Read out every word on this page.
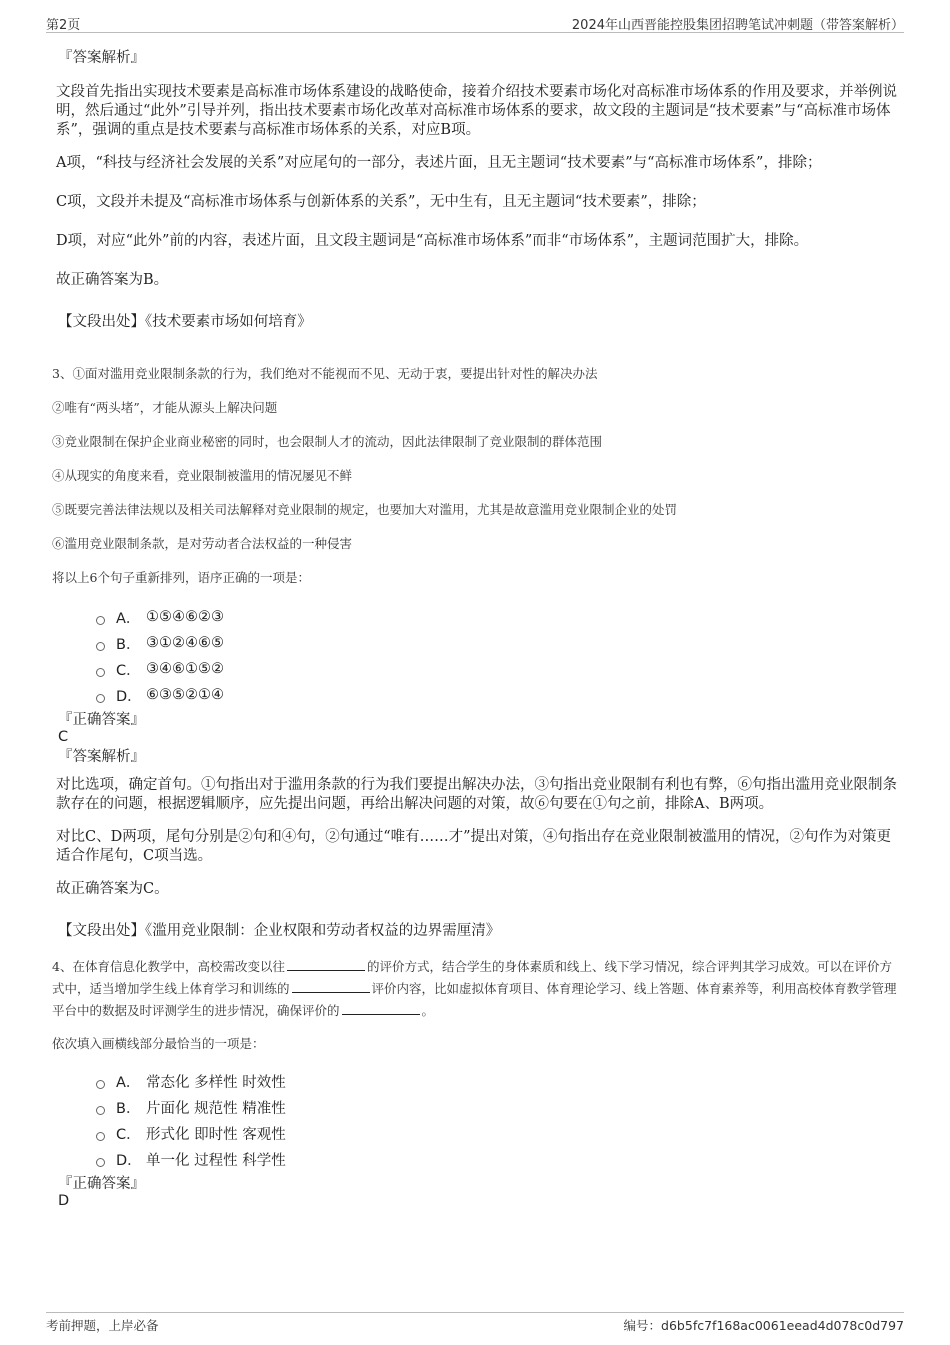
第2页	2024年山西晋能控股集团招聘笔试冲刺题（带答案解析）
『答案解析』

文段首先指出实现技术要素是高标准市场体系建设的战略使命，接着介绍技术要素市场化对高标准市场体系的作用及要求，并举例说明，然后通过“此外”引导并列，指出技术要素市场化改革对高标准市场体系的要求，故文段的主题词是“技术要素”与“高标准市场体系”，强调的重点是技术要素与高标准市场体系的关系，对应B项。

A项，“科技与经济社会发展的关系”对应尾句的一部分，表述片面，且无主题词“技术要素”与“高标准市场体系”，排除；

C项，文段并未提及“高标准市场体系与创新体系的关系”，无中生有，且无主题词“技术要素”，排除；

D项，对应“此外”前的内容，表述片面，且文段主题词是“高标准市场体系”而非“市场体系”，主题词范围扩大，排除。

故正确答案为B。

【文段出处】《技术要素市场如何培育》

3、①面对滥用竞业限制条款的行为，我们绝对不能视而不见、无动于衷，要提出针对性的解决办法

②唯有“两头堵”，才能从源头上解决问题

③竞业限制在保护企业商业秘密的同时，也会限制人才的流动，因此法律限制了竞业限制的群体范围

④从现实的角度来看，竞业限制被滥用的情况屡见不鲜

⑤既要完善法律法规以及相关司法解释对竞业限制的规定，也要加大对滥用，尤其是故意滥用竞业限制企业的处罚

⑥滥用竞业限制条款，是对劳动者合法权益的一种侵害

将以上6个句子重新排列，语序正确的一项是：

A． ①⑤④⑥②③
B． ③①②④⑥⑤
C． ③④⑥①⑤②
D． ⑥③⑤②①④
『正确答案』
C
『答案解析』

对比选项，确定首句。①句指出对于滥用条款的行为我们要提出解决办法，③句指出竞业限制有利也有弊，⑥句指出滥用竞业限制条款存在的问题，根据逻辑顺序，应先提出问题，再给出解决问题的对策，故⑥句要在①句之前，排除A、B两项。

对比C、D两项，尾句分别是②句和④句，②句通过“唯有……才”提出对策，④句指出存在竞业限制被滥用的情况，②句作为对策更适合作尾句，C项当选。

故正确答案为C。

【文段出处】《滥用竞业限制：企业权限和劳动者权益的边界需厘清》

4、在体育信息化教学中，高校需改变以往	的评价方式，结合学生的身体素质和线上、线下学习情况，综合评判其学习成效。可以在评价方式中，适当增加学生线上体育学习和训练的	评价内容，比如虚拟体育项目、体育理论学习、线上答题、体育素养等，利用高校体育教学管理平台中的数据及时评测学生的进步情况，确保评价的	。

依次填入画横线部分最恰当的一项是：

A． 常态化 多样性 时效性
B． 片面化 规范性 精准性
C． 形式化 即时性 客观性
D． 单一化 过程性 科学性
『正确答案』
D
考前押题，上岸必备	编号：d6b5fc7f168ac0061eead4d078c0d797
